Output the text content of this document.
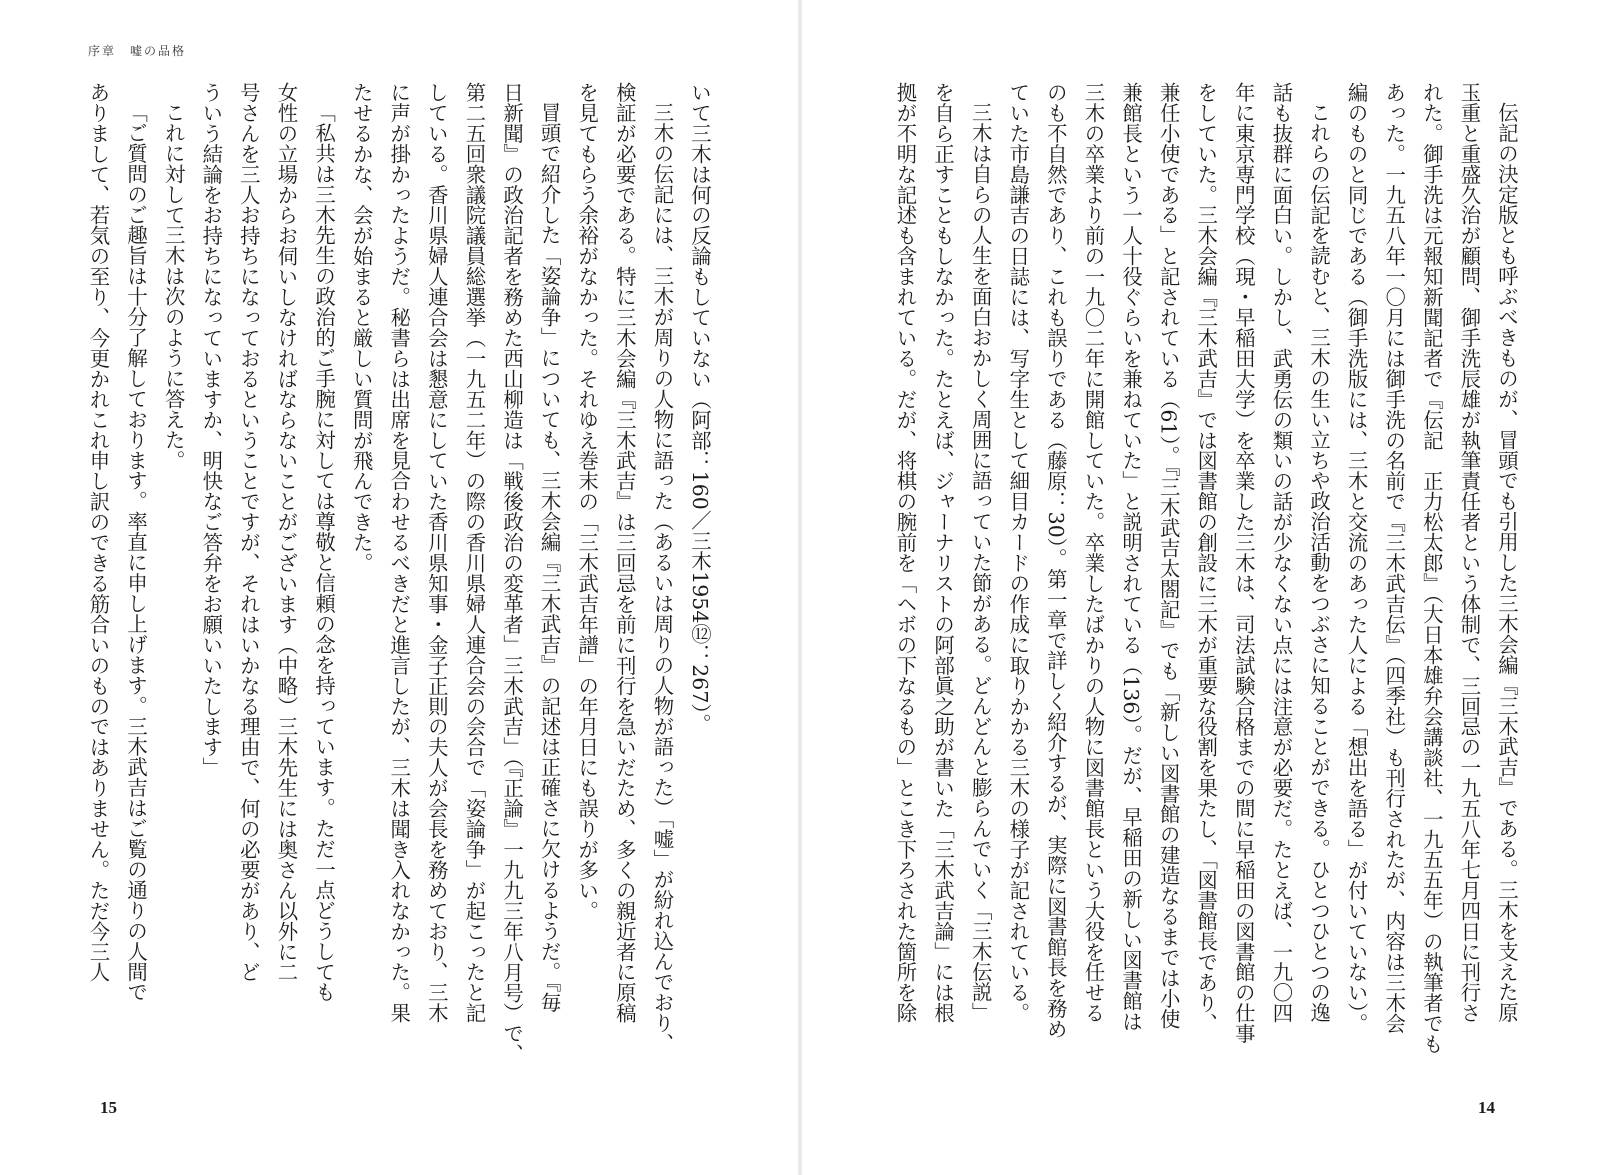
序章　嘘の品格
いて三木は何の反論もしていない（阿部：160／三木1954⑫：267）。
三木の伝記には、三木が周りの人物に語った（あるいは周りの人物が語った）「嘘」が紛れ込んでおり、
検証が必要である。特に三木会編『三木武吉』は三回忌を前に刊行を急いだため、多くの親近者に原稿
を見てもらう余裕がなかった。それゆえ巻末の「三木武吉年譜」の年月日にも誤りが多い。
冒頭で紹介した「姿論争」についても、三木会編『三木武吉』の記述は正確さに欠けるようだ。『毎
日新聞』の政治記者を務めた西山柳造は「戦後政治の変革者」三木武吉」（『正論』一九九三年八月号）で、
第二五回衆議院議員総選挙（一九五二年）の際の香川県婦人連合会の会合で「姿論争」が起こったと記
している。香川県婦人連合会は懇意にしていた香川県知事・金子正則の夫人が会長を務めており、三木
に声が掛かったようだ。秘書らは出席を見合わせるべきだと進言したが、三木は聞き入れなかった。果
たせるかな、会が始まると厳しい質問が飛んできた。
「私共は三木先生の政治的ご手腕に対しては尊敬と信頼の念を持っています。ただ一点どうしても
女性の立場からお伺いしなければならないことがございます（中略）三木先生には奥さん以外に二
号さんを三人お持ちになっておるということですが、それはいかなる理由で、何の必要があり、ど
ういう結論をお持ちになっていますか、明快なご答弁をお願いいたします」
これに対して三木は次のように答えた。
「ご質問のご趣旨は十分了解しております。率直に申し上げます。三木武吉はご覧の通りの人間で
ありまして、若気の至り、今更かれこれ申し訳のできる筋合いのものではありません。ただ今三人
15
伝記の決定版とも呼ぶべきものが、冒頭でも引用した三木会編『三木武吉』である。三木を支えた原
玉重と重盛久治が顧問、御手洗辰雄が執筆責任者という体制で、三回忌の一九五八年七月四日に刊行さ
れた。御手洗は元報知新聞記者で『伝記　正力松太郎』（大日本雄弁会講談社、一九五五年）の執筆者でも
あった。一九五八年一〇月には御手洗の名前で『三木武吉伝』（四季社）も刊行されたが、内容は三木会
編のものと同じである（御手洗版には、三木と交流のあった人による「想出を語る」が付いていない）。
これらの伝記を読むと、三木の生い立ちや政治活動をつぶさに知ることができる。ひとつひとつの逸
話も抜群に面白い。しかし、武勇伝の類いの話が少なくない点には注意が必要だ。たとえば、一九〇四
年に東京専門学校（現・早稲田大学）を卒業した三木は、司法試験合格までの間に早稲田の図書館の仕事
をしていた。三木会編『三木武吉』では図書館の創設に三木が重要な役割を果たし、「図書館長であり、
兼任小使である」と記されている（61）。『三木武吉太閤記』でも「新しい図書館の建造なるまでは小使
兼館長という一人十役ぐらいを兼ねていた」と説明されている（136）。だが、早稲田の新しい図書館は
三木の卒業より前の一九〇二年に開館していた。卒業したばかりの人物に図書館長という大役を任せる
のも不自然であり、これも誤りである（藤原：30）。第一章で詳しく紹介するが、実際に図書館長を務め
ていた市島謙吉の日誌には、写字生として細目カードの作成に取りかかる三木の様子が記されている。
三木は自らの人生を面白おかしく周囲に語っていた節がある。どんどんと膨らんでいく「三木伝説」
を自ら正すこともしなかった。たとえば、ジャーナリストの阿部眞之助が書いた「三木武吉論」には根
拠が不明な記述も含まれている。だが、将棋の腕前を「ヘボの下なるもの」とこき下ろされた箇所を除
14
